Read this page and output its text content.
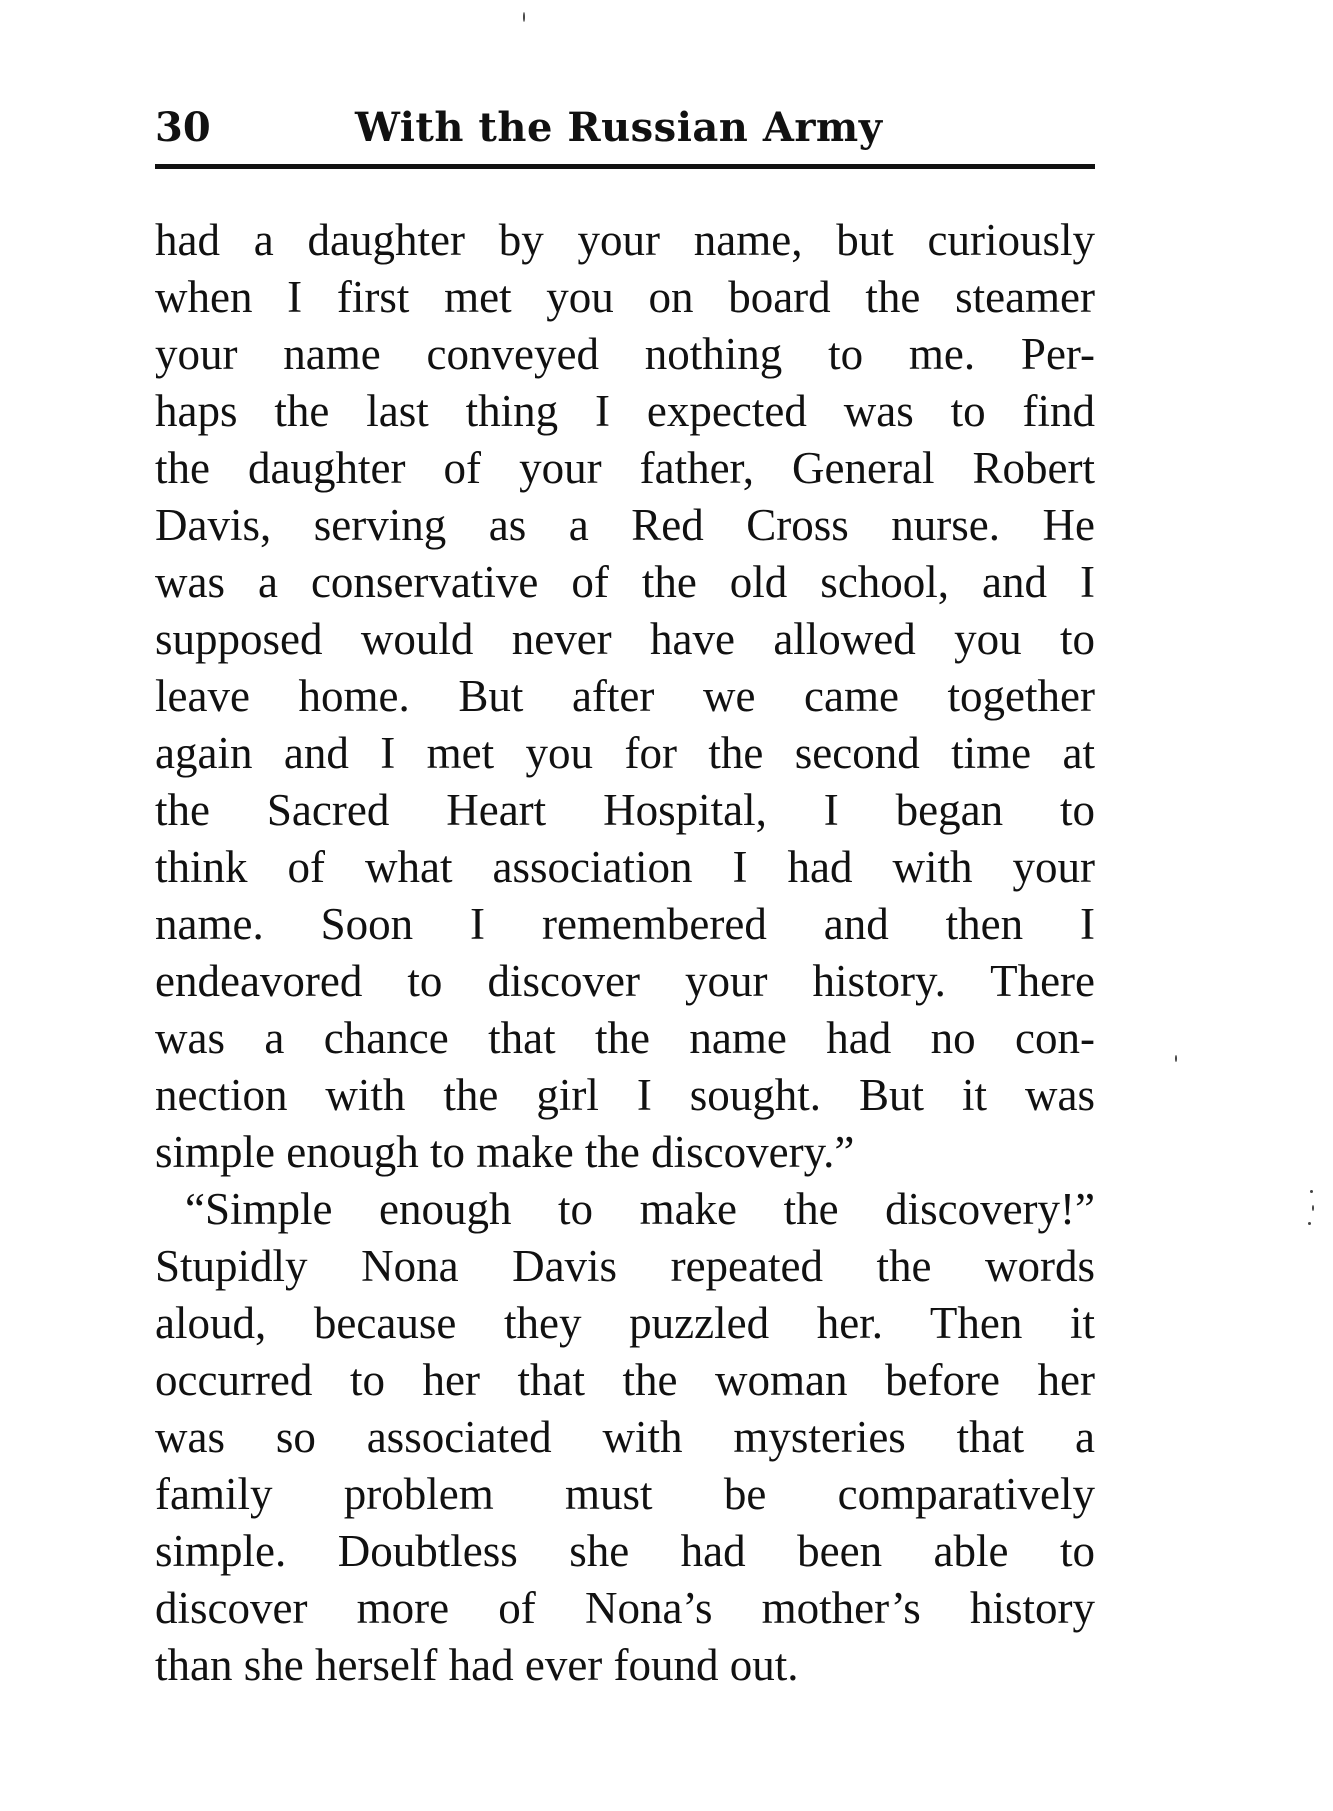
30	With the Russian Army
had a daughter by your name, but curiously
when I first met you on board the steamer
your name conveyed nothing to me. Per-
haps the last thing I expected was to find
the daughter of your father, General Robert
Davis, serving as a Red Cross nurse. He
was a conservative of the old school, and I
supposed would never have allowed you to
leave home. But after we came together
again and I met you for the second time at
the Sacred Heart Hospital, I began to
think of what association I had with your
name. Soon I remembered and then I
endeavored to discover your history. There
was a chance that the name had no con-
nection with the girl I sought. But it was
simple enough to make the discovery.”
“Simple enough to make the discovery!”
Stupidly Nona Davis repeated the words
aloud, because they puzzled her. Then it
occurred to her that the woman before her
was so associated with mysteries that a
family problem must be comparatively
simple. Doubtless she had been able to
discover more of Nona’s mother’s history
than she herself had ever found out.
